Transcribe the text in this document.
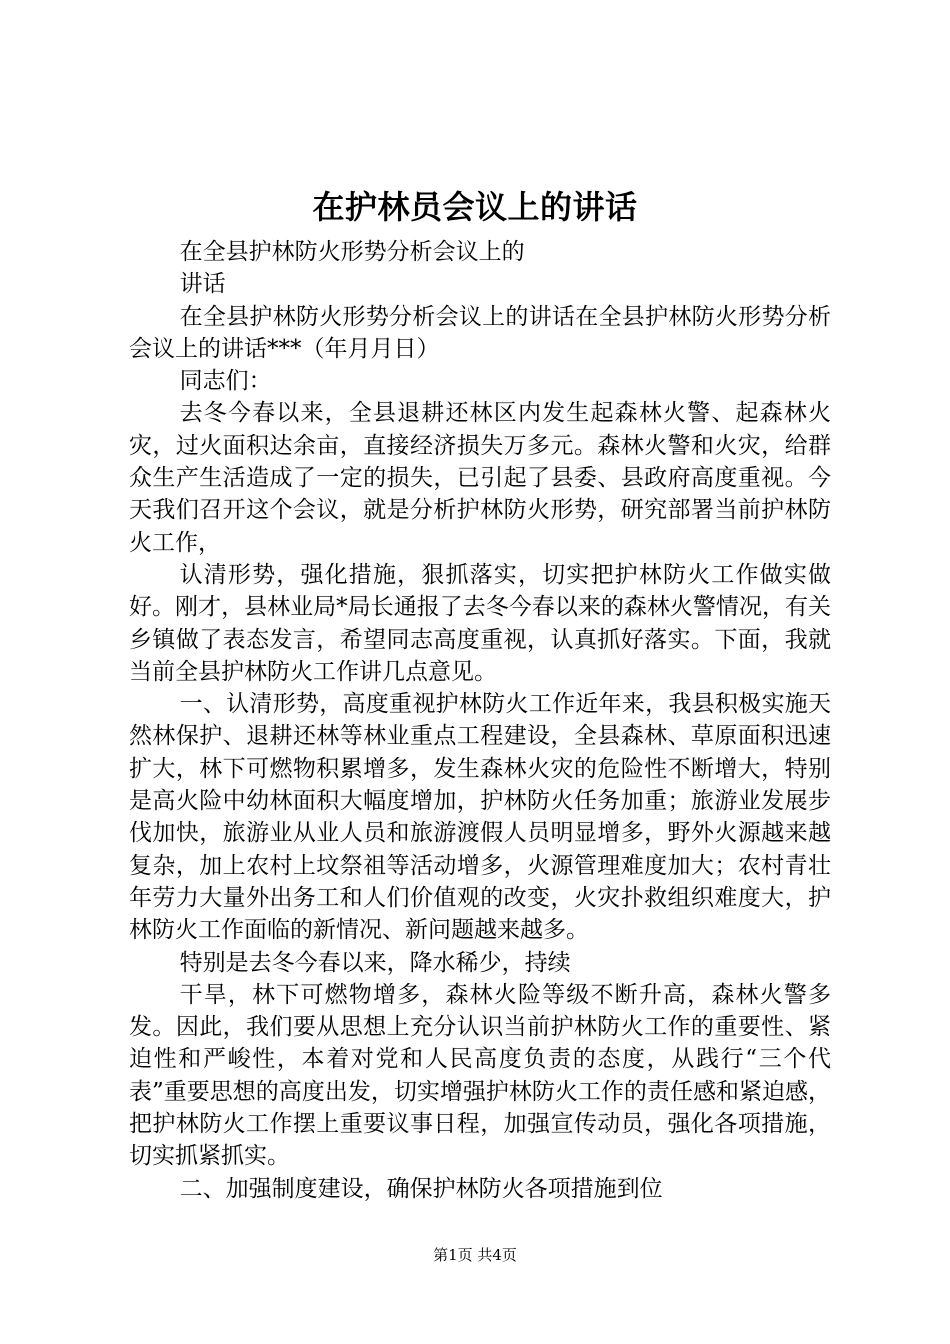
在护林员会议上的讲话

在全县护林防火形势分析会议上的

讲话

在全县护林防火形势分析会议上的讲话在全县护林防火形势分析会议上的讲话***（年月月日）

同志们：

去冬今春以来，全县退耕还林区内发生起森林火警、起森林火灾，过火面积达余亩，直接经济损失万多元。森林火警和火灾，给群众生产生活造成了一定的损失，已引起了县委、县政府高度重视。今天我们召开这个会议，就是分析护林防火形势，研究部署当前护林防火工作，

认清形势，强化措施，狠抓落实，切实把护林防火工作做实做好。刚才，县林业局*局长通报了去冬今春以来的森林火警情况，有关乡镇做了表态发言，希望同志高度重视，认真抓好落实。下面，我就当前全县护林防火工作讲几点意见。

一、认清形势，高度重视护林防火工作近年来，我县积极实施天然林保护、退耕还林等林业重点工程建设，全县森林、草原面积迅速扩大，林下可燃物积累增多，发生森林火灾的危险性不断增大，特别是高火险中幼林面积大幅度增加，护林防火任务加重；旅游业发展步伐加快，旅游业从业人员和旅游渡假人员明显增多，野外火源越来越复杂，加上农村上坟祭祖等活动增多，火源管理难度加大；农村青壮年劳力大量外出务工和人们价值观的改变，火灾扑救组织难度大，护林防火工作面临的新情况、新问题越来越多。

特别是去冬今春以来，降水稀少，持续

干旱，林下可燃物增多，森林火险等级不断升高，森林火警多发。因此，我们要从思想上充分认识当前护林防火工作的重要性、紧迫性和严峻性，本着对党和人民高度负责的态度，从践行“三个代表”重要思想的高度出发，切实增强护林防火工作的责任感和紧迫感，把护林防火工作摆上重要议事日程，加强宣传动员，强化各项措施，切实抓紧抓实。

二、加强制度建设，确保护林防火各项措施到位

第1页 共4页
